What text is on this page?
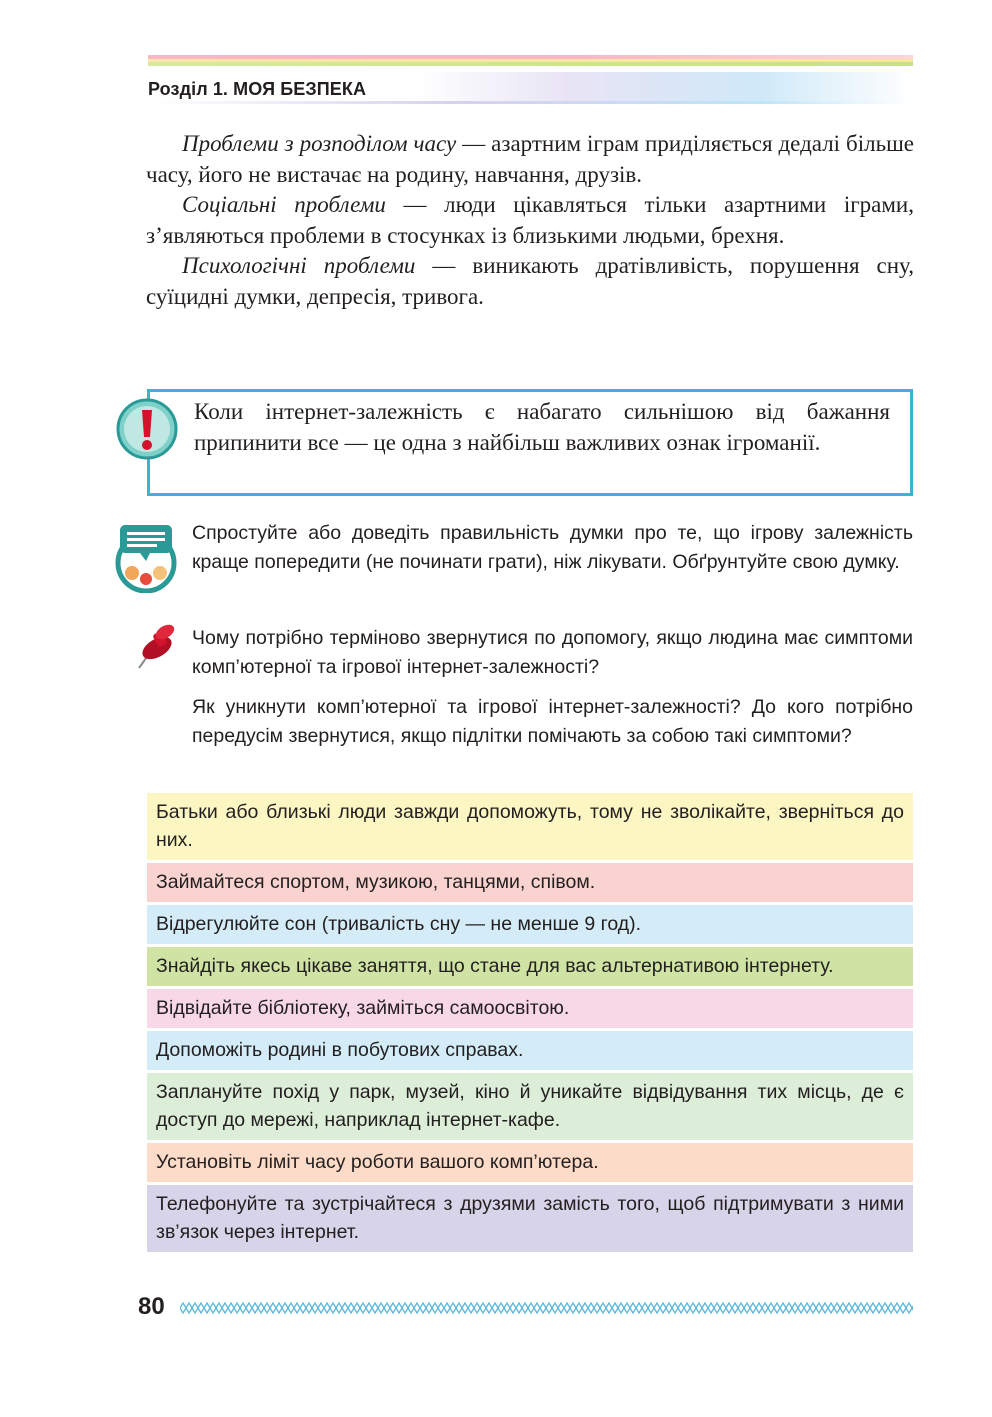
Розділ 1. МОЯ БЕЗПЕКА

Проблеми з розподілом часу — азартним іграм приділяється дедалі більше часу, його не вистачає на родину, навчання, друзів.

Соціальні проблеми — люди цікавляться тільки азартними іграми, з’являються проблеми в стосунках із близькими людьми, брехня.

Психологічні проблеми — виникають дратівливість, порушення сну, суїцидні думки, депресія, тривога.

Коли інтернет-залежність є набагато сильнішою від бажання припинити все — це одна з найбільш важливих ознак ігроманії.
Спростуйте або доведіть правильність думки про те, що ігрову залежність краще попередити (не починати грати), ніж лікувати. Обґрунтуйте свою думку.

Чому потрібно терміново звернутися по допомогу, якщо людина має симптоми комп’ютерної та ігрової інтернет-залежності?

Як уникнути комп’ютерної та ігрової інтернет-залежності? До кого потрібно передусім звернутися, якщо підлітки помічають за собою такі симптоми?

Батьки або близькі люди завжди допоможуть, тому не зволікайте, зверніться до них.
Займайтеся спортом, музикою, танцями, співом.
Відрегулюйте сон (тривалість сну — не менше 9 год).
Знайдіть якесь цікаве заняття, що стане для вас альтернативою інтернету.
Відвідайте бібліотеку, займіться самоосвітою.
Допоможіть родині в побутових справах.
Заплануйте похід у парк, музей, кіно й уникайте відвідування тих місць, де є доступ до мережі, наприклад інтернет-кафе.
Установіть ліміт часу роботи вашого комп’ютера.
Телефонуйте та зустрічайтеся з друзями замість того, щоб підтримувати з ними зв’язок через інтернет.
80
